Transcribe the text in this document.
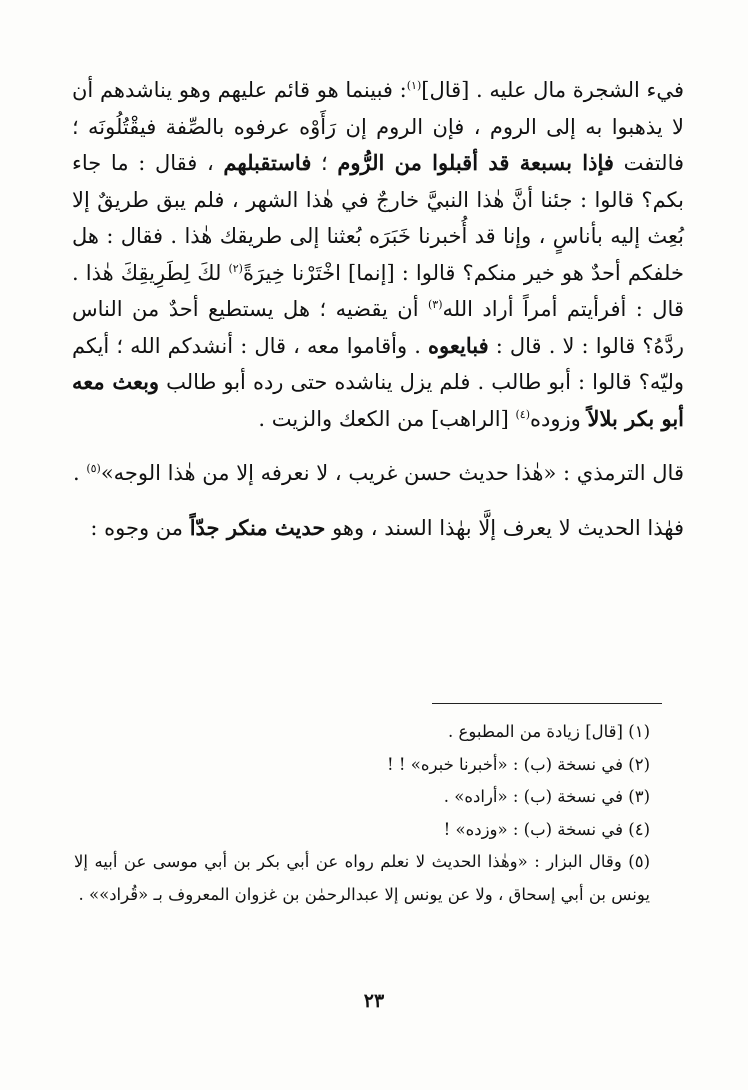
فيء الشجرة مال عليه . [قال]$^{(١)}$: فبينما هو قائم عليهم وهو يناشدهم أن لا يذهبوا به إلى الروم ، فإن الروم إن رَأَوْه عرفوه بالصِّفة فيقْتُلُونَه ؛ فالتفت فإذا بسبعة قد أقبلوا من الرُّوم ؛ فاستقبلهم ، فقال : ما جاء بكم؟ قالوا : جئنا أنَّ هٰذا النبيَّ خارجٌ في هٰذا الشهر ، فلم يبق طريقٌ إلا بُعِث إليه بأناسٍ ، وإنا قد أُخبرنا خَبَرَه بُعثنا إلى طريقك هٰذا . فقال : هل خلفكم أحدٌ هو خير منكم؟ قالوا : [إنما] اخْتَرْنا خِيرَةً$^{(٢)}$ لكَ لِطَرِيقِكَ هٰذا . قال : أفرأيتم أمراً أراد الله$^{(٣)}$ أن يقضيه ؛ هل يستطيع أحدٌ من الناس ردَّهُ؟ قالوا : لا . قال : فبايعوه . وأقاموا معه ، قال : أنشدكم الله ؛ أيكم وليّه؟ قالوا : أبو طالب . فلم يزل يناشده حتى رده أبو طالب وبعث معه أبو بكر بلالاً وزوده$^{(٤)}$ [الراهب] من الكعك والزيت .

قال الترمذي : «هٰذا حديث حسن غريب ، لا نعرفه إلا من هٰذا الوجه»$^{(٥)}$ .

فهٰذا الحديث لا يعرف إلَّا بهٰذا السند ، وهو حديث منكر جدّاً من وجوه :

(١) [قال] زيادة من المطبوع .

(٢) في نسخة (ب) : «أخبرنا خبره» ! !

(٣) في نسخة (ب) : «أراده» .

(٤) في نسخة (ب) : «وزده» !

(٥) وقال البزار : «وهٰذا الحديث لا نعلم رواه عن أبي بكر بن أبي موسى عن أبيه إلا يونس بن أبي إسحاق ، ولا عن يونس إلا عبدالرحمٰن بن غزوان المعروف بـ «قُراد»» .

٢٣
